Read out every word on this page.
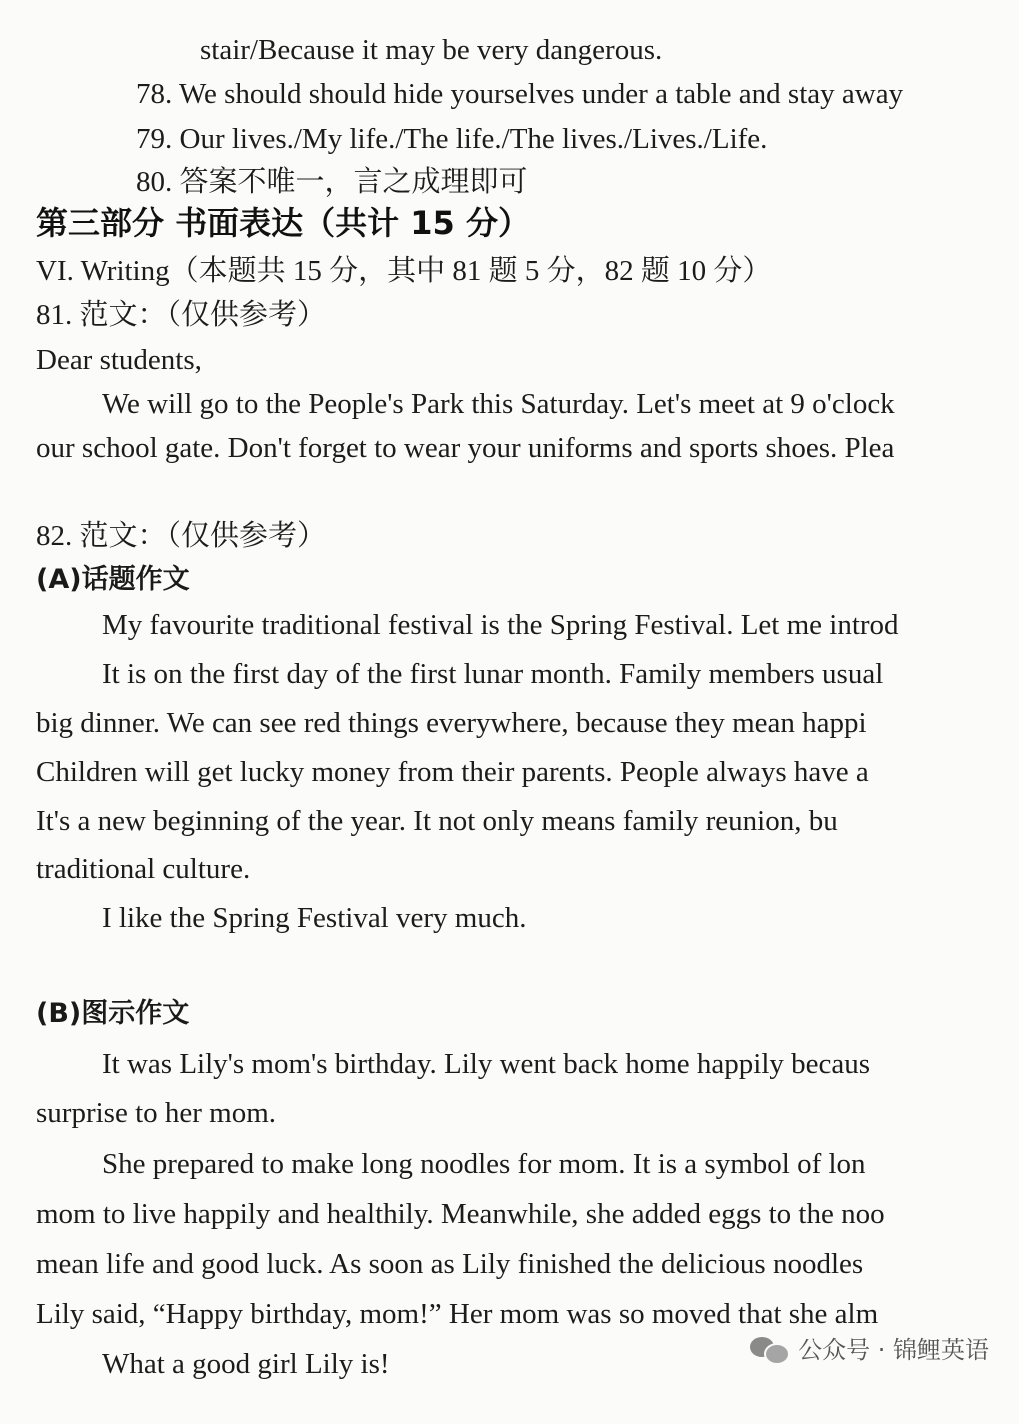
stair/Because it may be very dangerous.
78. We should should hide yourselves under a table and stay away
79. Our lives./My life./The life./The lives./Lives./Life.
80. 答案不唯一，言之成理即可
第三部分 书面表达（共计 15 分）
VI. Writing（本题共 15 分，其中 81 题 5 分，82 题 10 分）
81. 范文：（仅供参考）
Dear students,
We will go to the People's Park this Saturday. Let's meet at 9 o'clock
our school gate. Don't forget to wear your uniforms and sports shoes. Plea
82. 范文：（仅供参考）
(A)话题作文
My favourite traditional festival is the Spring Festival. Let me introd
It is on the first day of the first lunar month. Family members usual
big dinner. We can see red things everywhere, because they mean happi
Children will get lucky money from their parents. People always have a
It's a new beginning of the year. It not only means family reunion, bu
traditional culture.
I like the Spring Festival very much.
(B)图示作文
It was Lily's mom's birthday. Lily went back home happily becaus
surprise to her mom.
She prepared to make long noodles for mom. It is a symbol of lon
mom to live happily and healthily. Meanwhile, she added eggs to the noo
mean life and good luck. As soon as Lily finished the delicious noodles
Lily said, “Happy birthday, mom!” Her mom was so moved that she alm
What a good girl Lily is!	公众号 · 锦鲤英语
